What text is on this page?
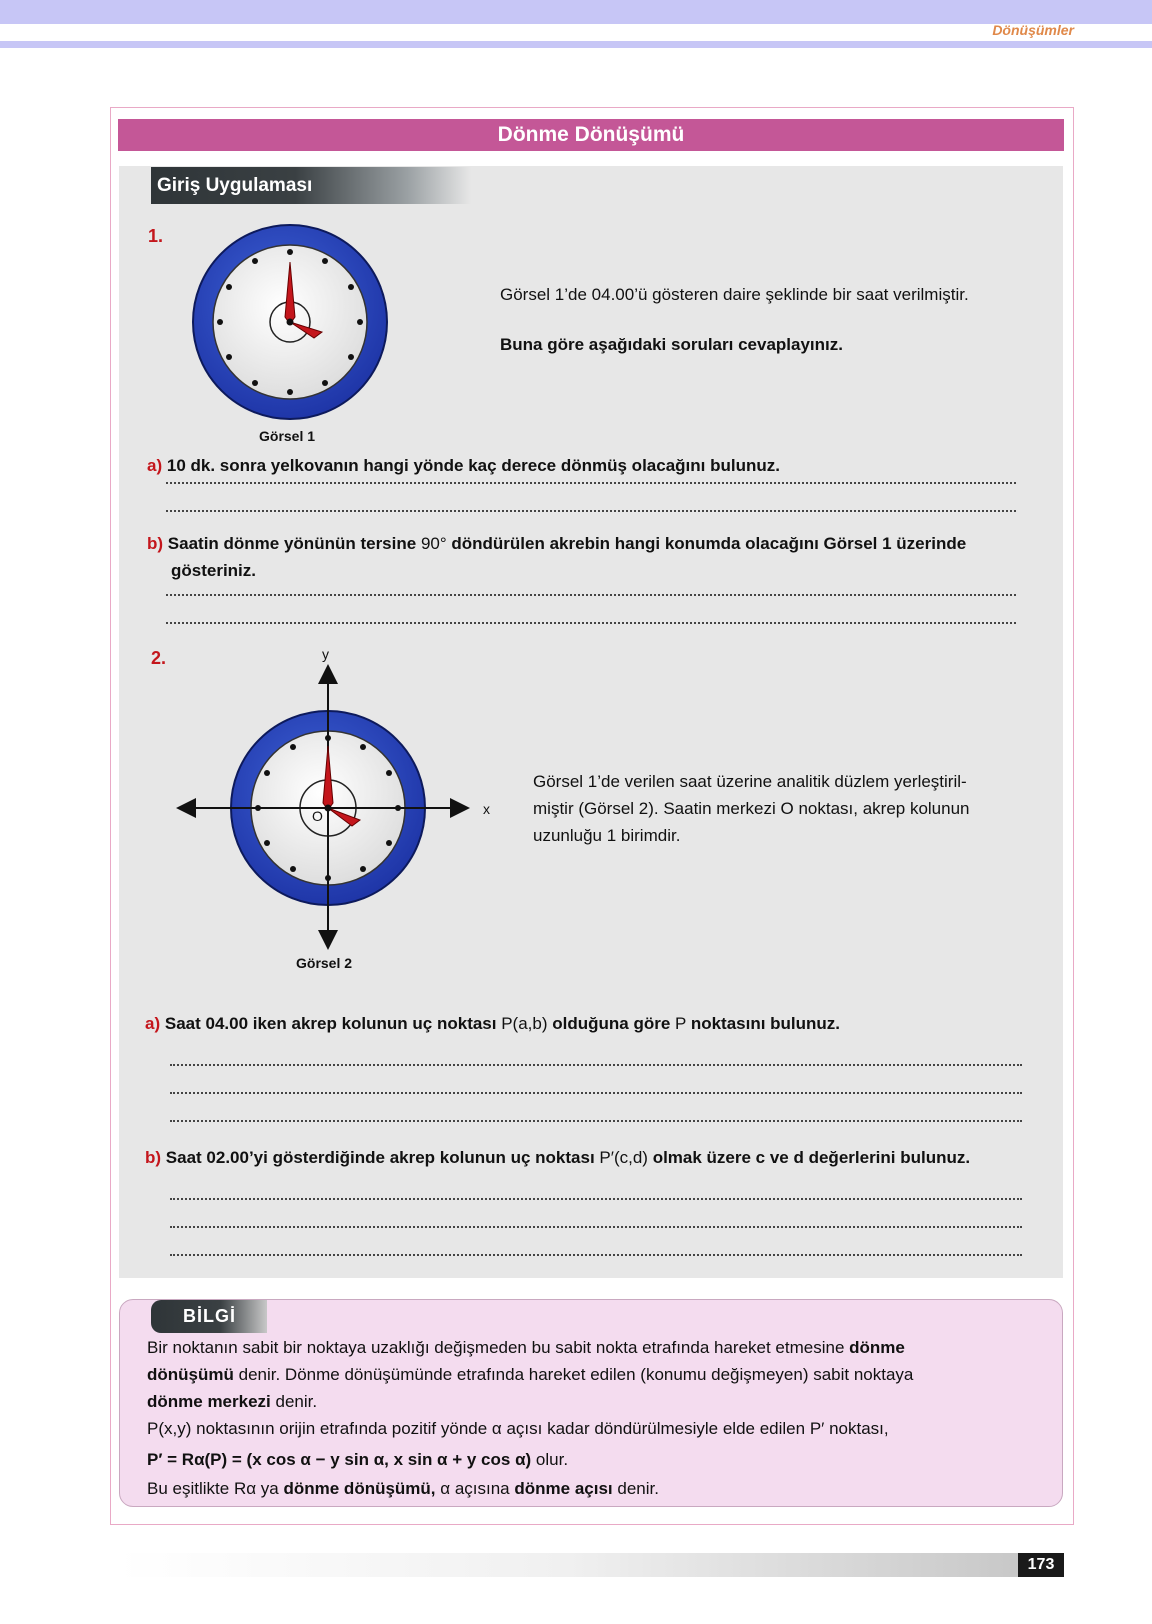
Dönüşümler
Dönme Dönüşümü
Giriş Uygulaması
1.
Görsel 1
Görsel 1’de 04.00’ü gösteren daire şeklinde bir saat verilmiştir.
Buna göre aşağıdaki soruları cevaplayınız.
a) 10 dk. sonra yelkovanın hangi yönde kaç derece dönmüş olacağını bulunuz.
b) Saatin dönme yönünün tersine 90° döndürülen akrebin hangi konumda olacağını Görsel 1 üzerinde
gösteriniz.
2.	y
x
O
Görsel 2
Görsel 1’de verilen saat üzerine analitik düzlem yerleştiril-
miştir (Görsel 2). Saatin merkezi O noktası, akrep kolunun
uzunluğu 1 birimdir.
a) Saat 04.00 iken akrep kolunun uç noktası P(a,b) olduğuna göre P noktasını bulunuz.
b) Saat 02.00’yi gösterdiğinde akrep kolunun uç noktası P′(c,d) olmak üzere c ve d değerlerini bulunuz.
BİLGİ
Bir noktanın sabit bir noktaya uzaklığı değişmeden bu sabit nokta etrafında hareket etmesine dönme
dönüşümü denir. Dönme dönüşümünde etrafında hareket edilen (konumu değişmeyen) sabit noktaya
dönme merkezi denir.
P(x,y) noktasının orijin etrafında pozitif yönde α açısı kadar döndürülmesiyle elde edilen P′ noktası,
P′ = Rα(P) = (x cos α − y sin α, x sin α + y cos α) olur.
Bu eşitlikte Rα ya dönme dönüşümü, α açısına dönme açısı denir.
173
